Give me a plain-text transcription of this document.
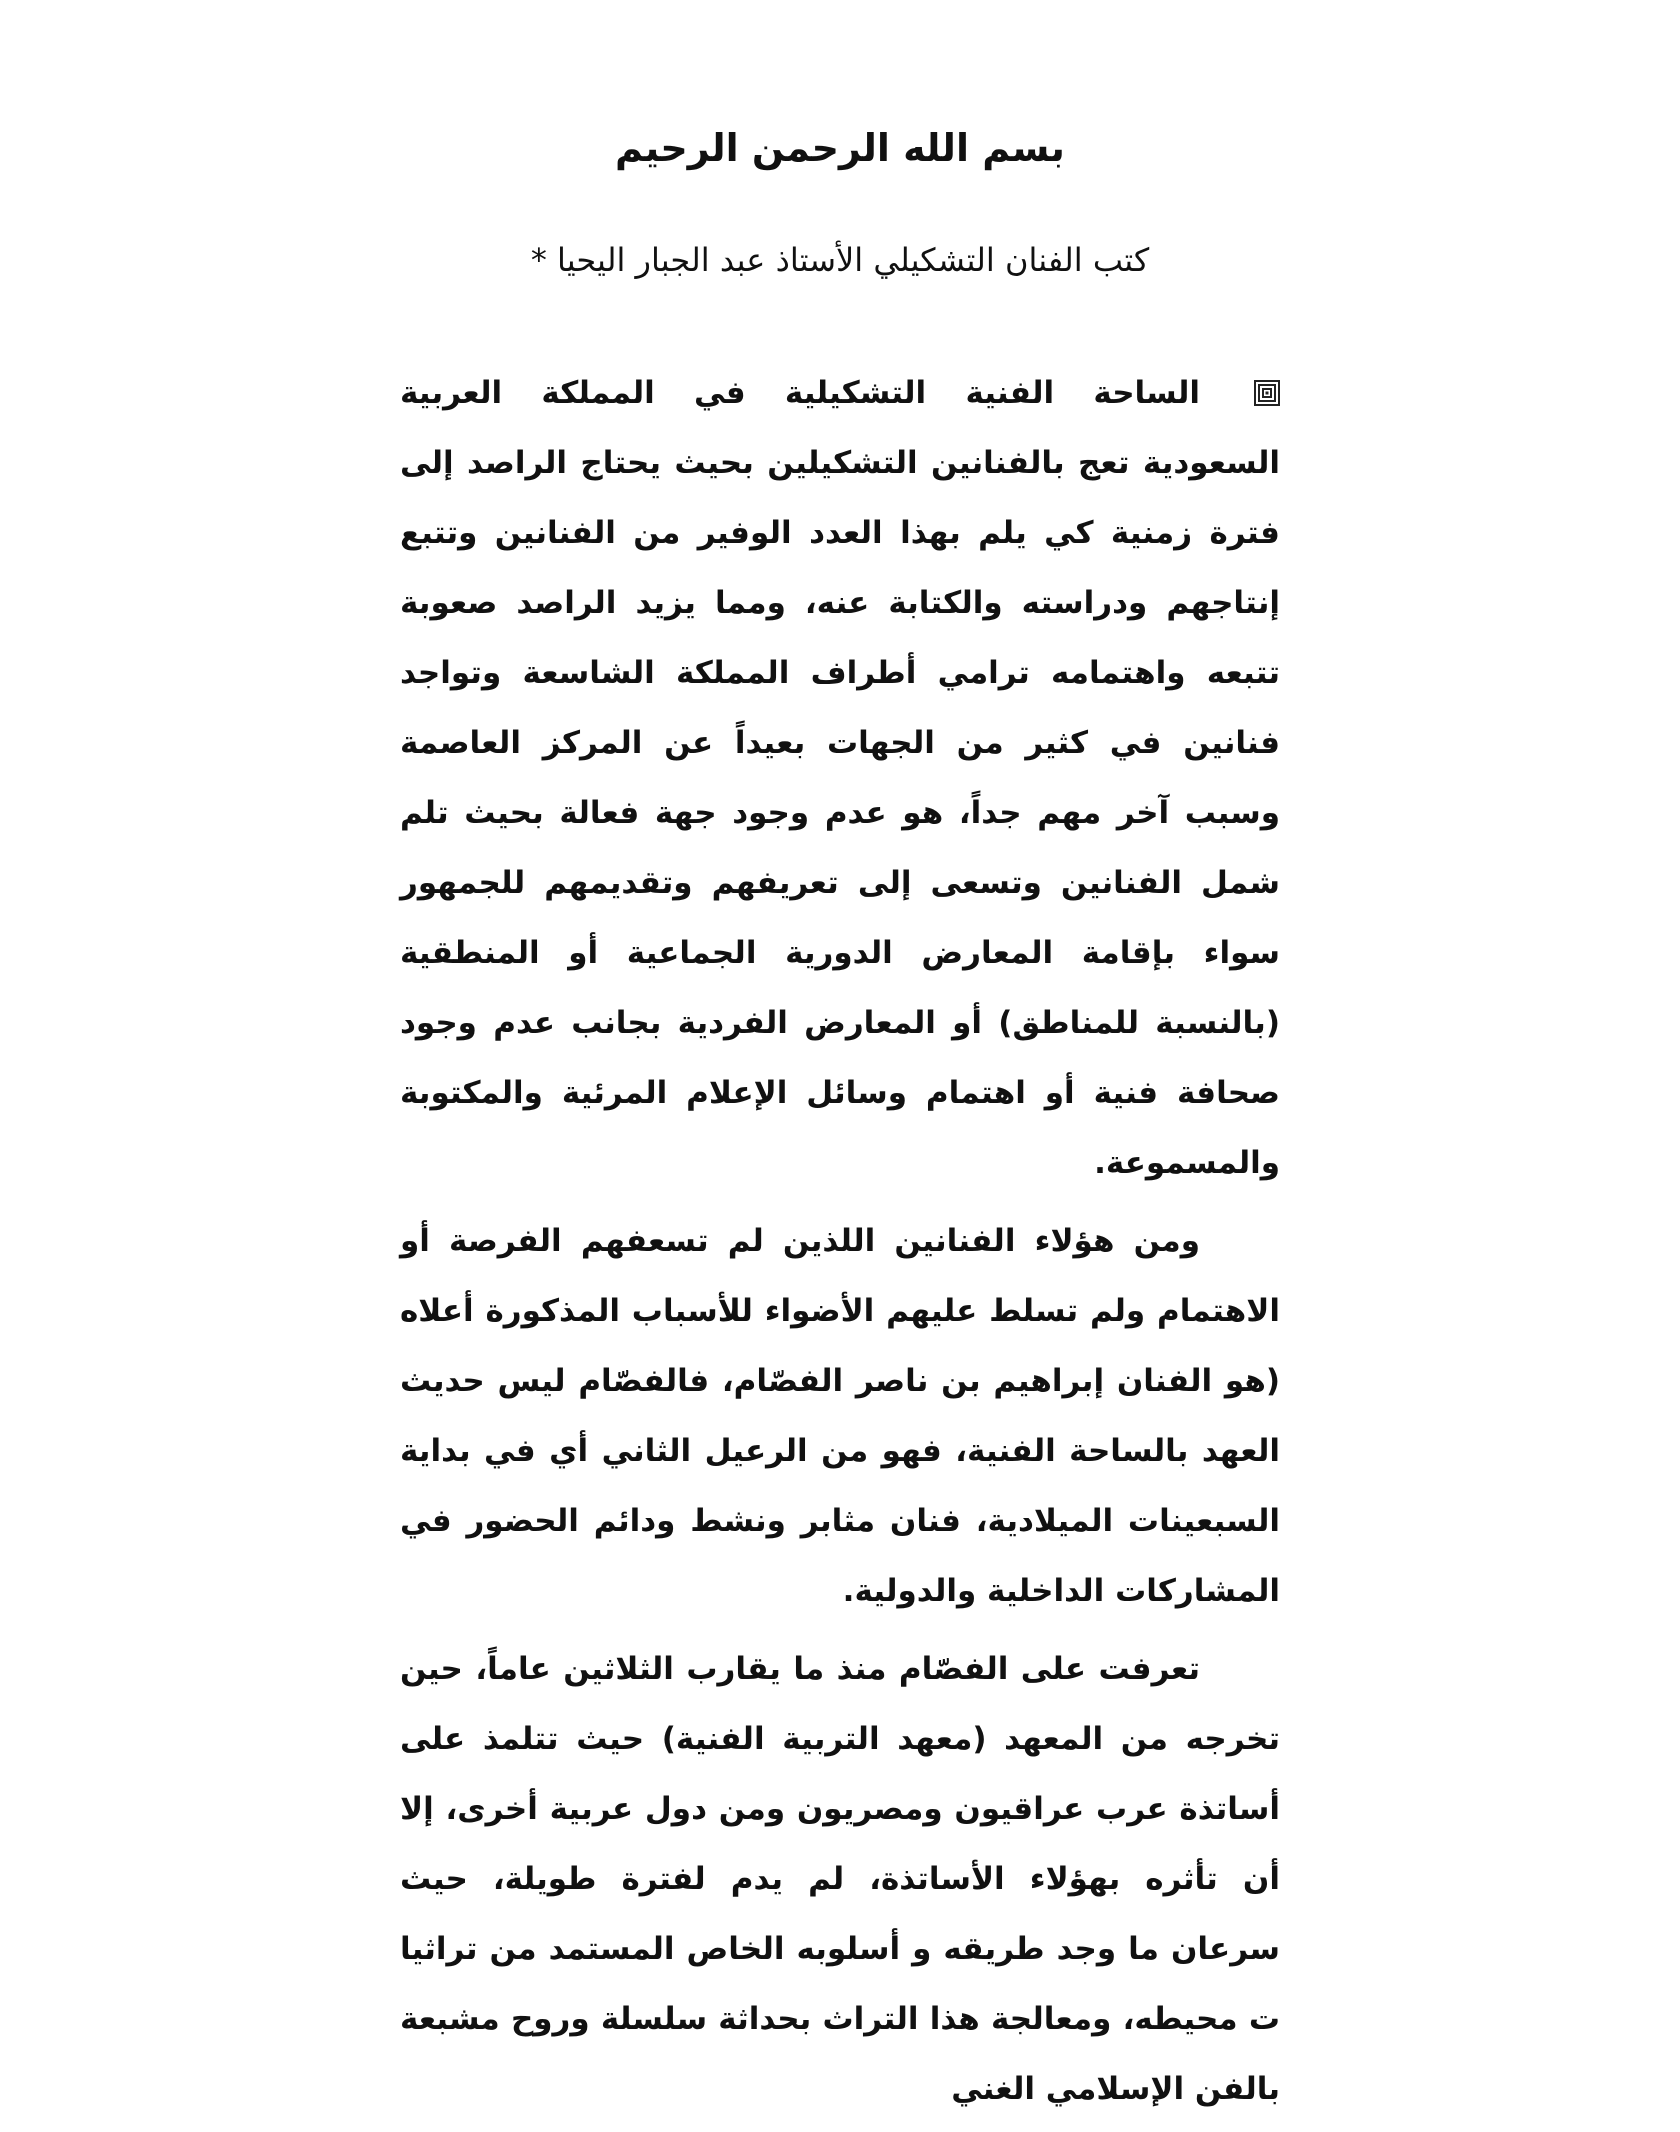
بسم الله الرحمن الرحيم
كتب الفنان التشكيلي الأستاذ عبد الجبار اليحيا *

الساحة الفنية التشكيلية في المملكة العربية السعودية تعج بالفنانين التشكيلين بحيث يحتاج الراصد إلى فترة زمنية كي يلم بهذا العدد الوفير من الفنانين وتتبع إنتاجهم ودراسته والكتابة عنه، ومما يزيد الراصد صعوبة تتبعه واهتمامه ترامي أطراف المملكة الشاسعة وتواجد فنانين في كثير من الجهات بعيداً عن المركز العاصمة وسبب آخر مهم جداً، هو عدم وجود جهة فعالة بحيث تلم شمل الفنانين وتسعى إلى تعريفهم وتقديمهم للجمهور سواء بإقامة المعارض الدورية الجماعية أو المنطقية (بالنسبة للمناطق) أو المعارض الفردية بجانب عدم وجود صحافة فنية أو اهتمام وسائل الإعلام المرئية والمكتوبة والمسموعة.

ومن هؤلاء الفنانين اللذين لم تسعفهم الفرصة أو الاهتمام ولم تسلط عليهم الأضواء للأسباب المذكورة أعلاه (هو الفنان إبراهيم بن ناصر الفصّام، فالفصّام ليس حديث العهد بالساحة الفنية، فهو من الرعيل الثاني أي في بداية السبعينات الميلادية، فنان مثابر ونشط ودائم الحضور في المشاركات الداخلية والدولية.

تعرفت على الفصّام منذ ما يقارب الثلاثين عاماً، حين تخرجه من المعهد (معهد التربية الفنية) حيث تتلمذ على أساتذة عرب عراقيون ومصريون ومن دول عربية أخرى، إلا أن تأثره بهؤلاء الأساتذة، لم يدم لفترة طويلة، حيث سرعان ما وجد طريقه و أسلوبه الخاص المستمد من تراثيا ت محيطه، ومعالجة هذا التراث بحداثة سلسلة وروح مشبعة بالفن الإسلامي الغني
